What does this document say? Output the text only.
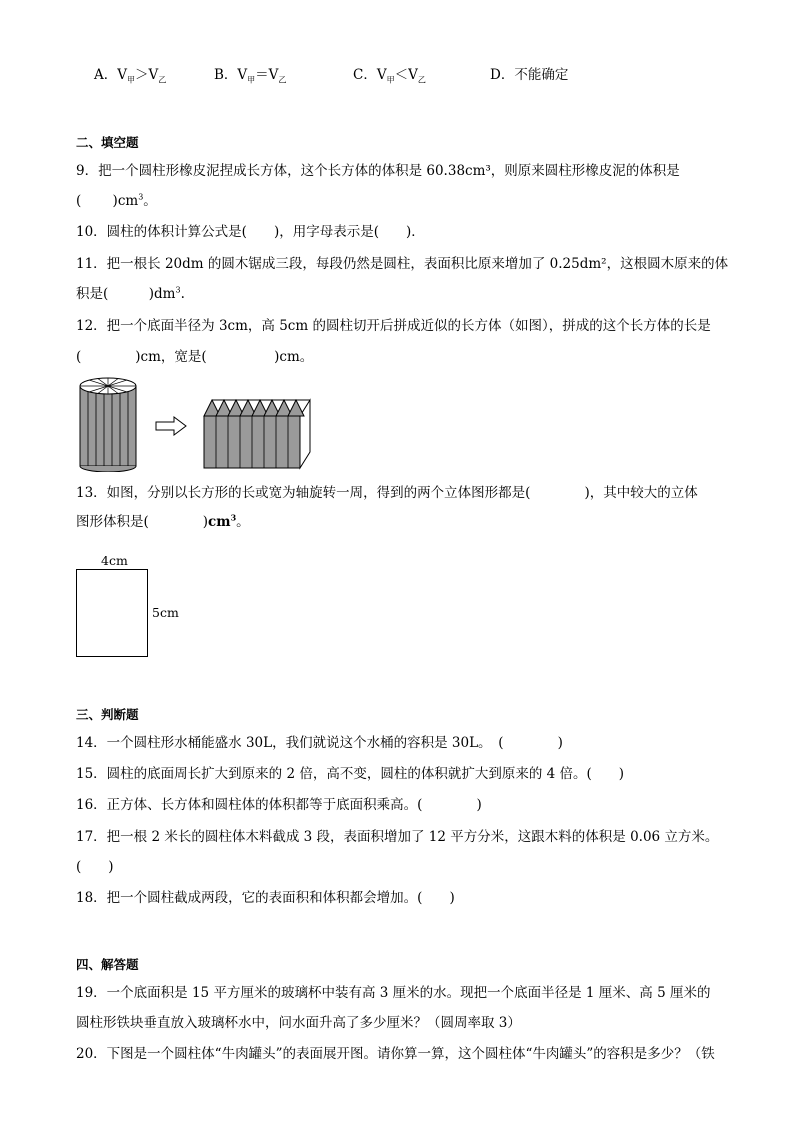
A．$V_甲>V_乙$	B．$V_甲=V_乙$	C．$V_甲<V_乙$	D．不能确定
二、填空题
9．把一个圆柱形橡皮泥捏成长方体，这个长方体的体积是 60.38cm³，则原来圆柱形橡皮泥的体积是
(　　 )$cm^3$。
10．圆柱的体积计算公式是(　　)，用字母表示是(　　)．
11．把一根长 20dm 的圆木锯成三段，每段仍然是圆柱，表面积比原来增加了 0.25dm²，这根圆木原来的体
积是(　　　)$dm^3$.
12．把一个底面半径为 3cm，高 5cm 的圆柱切开后拼成近似的长方体（如图），拼成的这个长方体的长是
(　　　　)cm，宽是(　　　　　)cm。
13．如图，分别以长方形的长或宽为轴旋转一周，得到的两个立体图形都是(　　　　)，其中较大的立体
图形体积是(　　　　)$cm^3$。
4cm
5cm
三、判断题
14．一个圆柱形水桶能盛水 30L，我们就说这个水桶的容积是 30L。　(　　　　)
15．圆柱的底面周长扩大到原来的 2 倍，高不变，圆柱的体积就扩大到原来的 4 倍。(　　)
16．正方体、长方体和圆柱体的体积都等于底面积乘高。(　　　　)
17．把一根 2 米长的圆柱体木料截成 3 段，表面积增加了 12 平方分米，这跟木料的体积是 0.06 立方米。
(　　)
18．把一个圆柱截成两段，它的表面积和体积都会增加。(　　)
四、解答题
19．一个底面积是 15 平方厘米的玻璃杯中装有高 3 厘米的水。现把一个底面半径是 1 厘米、高 5 厘米的
圆柱形铁块垂直放入玻璃杯水中，问水面升高了多少厘米？（圆周率取 3）
20．下图是一个圆柱体“牛肉罐头”的表面展开图。请你算一算，这个圆柱体“牛肉罐头”的容积是多少？（铁
